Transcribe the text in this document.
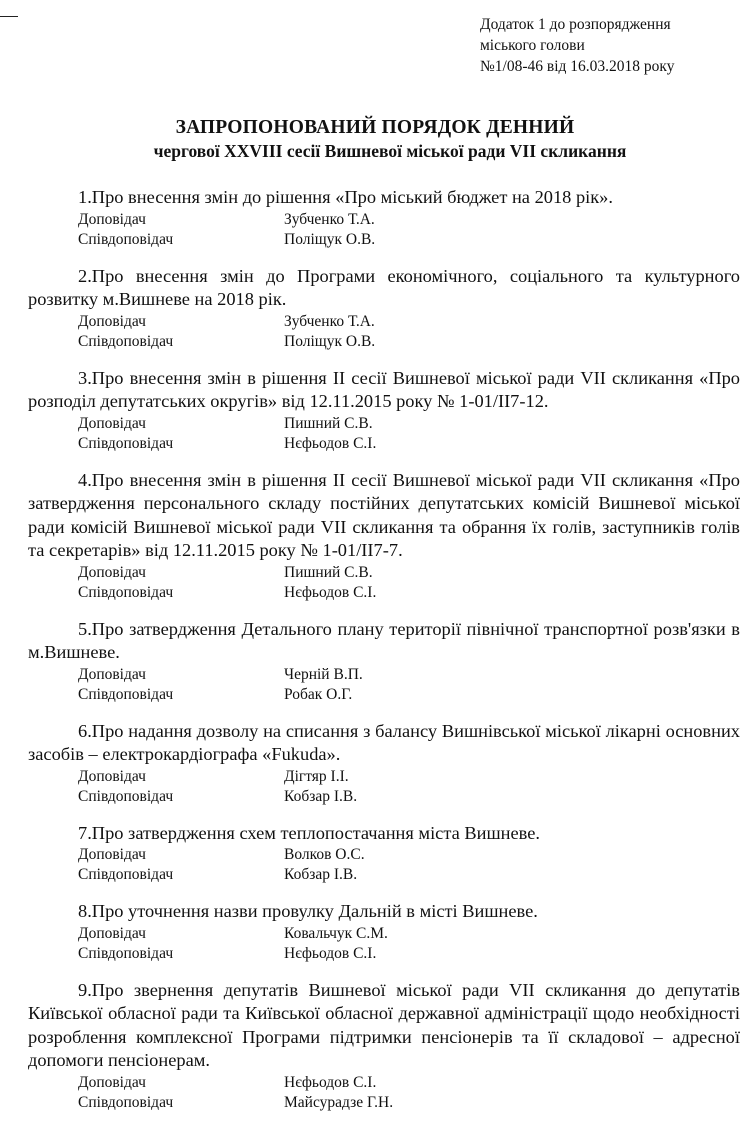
Додаток 1 до розпорядження
міського голови
№1/08-46 від 16.03.2018 року
ЗАПРОПОНОВАНИЙ ПОРЯДОК ДЕННИЙ
чергової XXVIII сесії Вишневої міської ради VII скликання

1.Про внесення змін до рішення «Про міський бюджет на 2018 рік».

Доповідач	Зубченко Т.А.
Співдоповідач	Поліщук О.В.

2.Про внесення змін до Програми економічного, соціального та культурного розвитку м.Вишневе на 2018 рік.

Доповідач	Зубченко Т.А.
Співдоповідач	Поліщук О.В.

3.Про внесення змін в рішення ІІ сесії Вишневої міської ради VІІ скликання «Про розподіл депутатських округів» від 12.11.2015 року № 1-01/ІІ7-12.

Доповідач	Пишний С.В.
Співдоповідач	Нєфьодов С.І.

4.Про внесення змін в рішення ІІ сесії Вишневої міської ради VІІ скликання «Про затвердження персонального складу постійних депутатських комісій Вишневої міської ради комісій Вишневої міської ради VII скликання та обрання їх голів, заступників голів та секретарів» від 12.11.2015 року № 1-01/ІІ7-7.

Доповідач	Пишний С.В.
Співдоповідач	Нєфьодов С.І.

5.Про затвердження Детального плану території північної транспортної розв'язки в м.Вишневе.

Доповідач	Черній В.П.
Співдоповідач	Робак О.Г.

6.Про надання дозволу на списання з балансу Вишнівської міської лікарні основних засобів – електрокардіографа «Fukuda».

Доповідач	Дігтяр І.І.
Співдоповідач	Кобзар І.В.

7.Про затвердження схем теплопостачання міста Вишневе.

Доповідач	Волков О.С.
Співдоповідач	Кобзар І.В.

8.Про уточнення назви провулку Дальній в місті Вишневе.

Доповідач	Ковальчук С.М.
Співдоповідач	Нєфьодов С.І.

9.Про звернення депутатів Вишневої міської ради VII скликання до депутатів Київської обласної ради та Київської обласної державної адміністрації щодо необхідності розроблення комплексної Програми підтримки пенсіонерів та її складової – адресної допомоги пенсіонерам.

Доповідач	Нєфьодов С.І.
Співдоповідач	Майсурадзе Г.Н.
